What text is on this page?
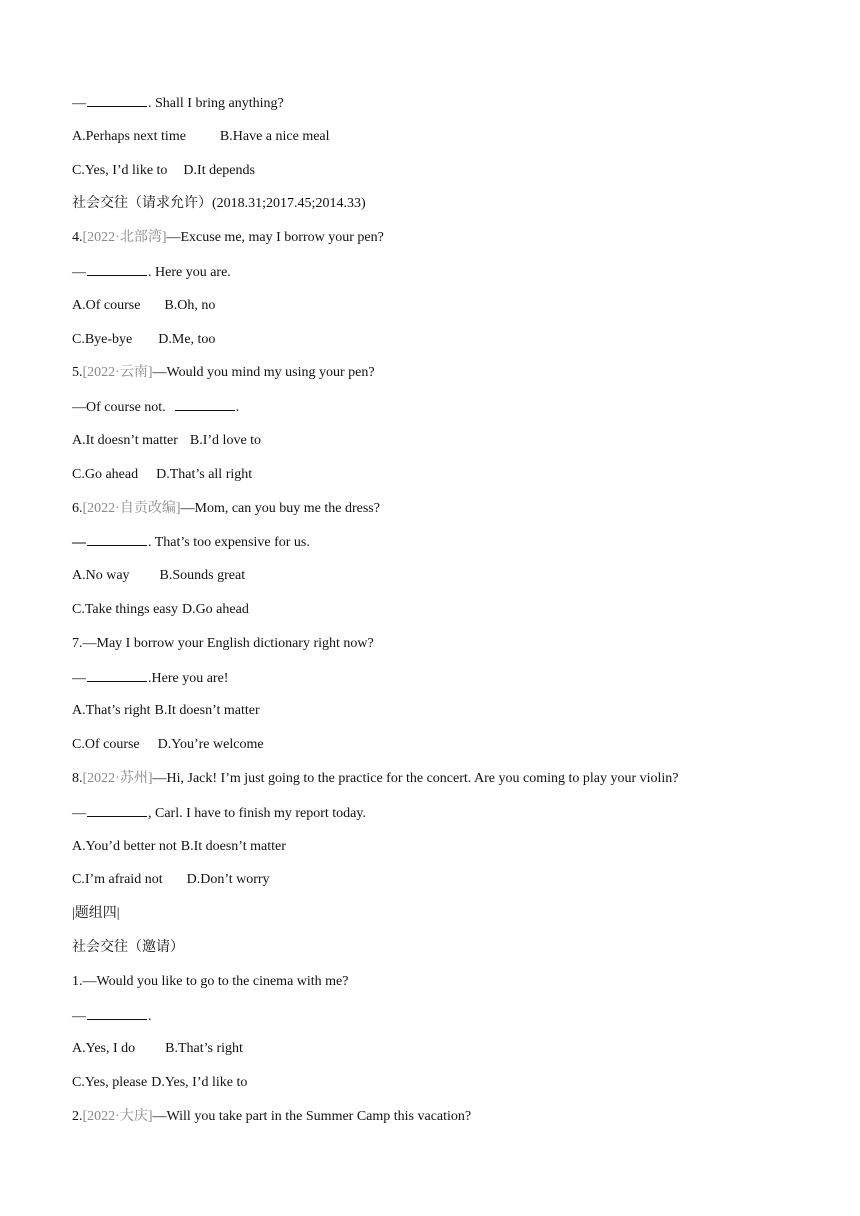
—	. Shall I bring anything?
A.Perhaps next time B.Have a nice meal
C.Yes, I’d like to D.It depends
社会交往（请求允许）(2018.31;2017.45;2014.33)
4.[2022·北部湾]—Excuse me, may I borrow your pen?
—	. Here you are.
A.Of course B.Oh, no
C.Bye-bye D.Me, too
5.[2022·云南]—Would you mind my using your pen?
—Of course not.	.
A.It doesn’t matter B.I’d love to
C.Go ahead D.That’s all right
6.[2022·自贡改编]—Mom, can you buy me the dress?
—	. That’s too expensive for us.
A.No way B.Sounds great
C.Take things easy D.Go ahead
7.—May I borrow your English dictionary right now?
—	.Here you are!
A.That’s right B.It doesn’t matter
C.Of course D.You’re welcome
8.[2022·苏州]—Hi, Jack! I’m just going to the practice for the concert. Are you coming to play your violin?
—	, Carl. I have to finish my report today.
A.You’d better not B.It doesn’t matter
C.I’m afraid not D.Don’t worry
|题组四|
社会交往（邀请）
1.—Would you like to go to the cinema with me?
—	.
A.Yes, I do B.That’s right
C.Yes, please D.Yes, I’d like to
2.[2022·大庆]—Will you take part in the Summer Camp this vacation?
